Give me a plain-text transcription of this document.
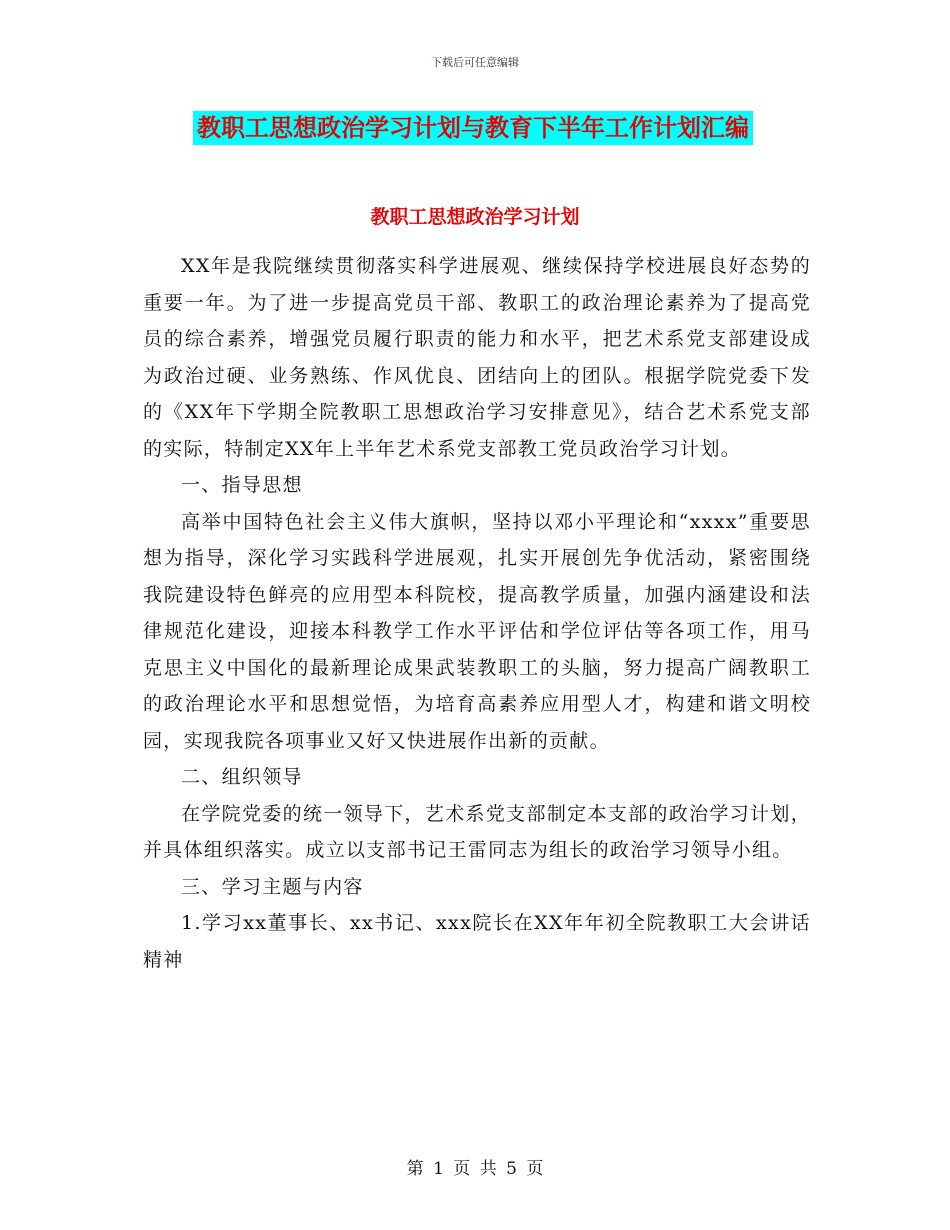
下载后可任意编辑
教职工思想政治学习计划与教育下半年工作计划汇编
教职工思想政治学习计划

XX年是我院继续贯彻落实科学进展观、继续保持学校进展良好态势的重要一年。为了进一步提高党员干部、教职工的政治理论素养为了提高党员的综合素养，增强党员履行职责的能力和水平，把艺术系党支部建设成为政治过硬、业务熟练、作风优良、团结向上的团队。根据学院党委下发的《XX年下学期全院教职工思想政治学习安排意见》，结合艺术系党支部的实际，特制定XX年上半年艺术系党支部教工党员政治学习计划。

一、指导思想

高举中国特色社会主义伟大旗帜，坚持以邓小平理论和“xxxx”重要思想为指导，深化学习实践科学进展观，扎实开展创先争优活动，紧密围绕我院建设特色鲜亮的应用型本科院校，提高教学质量，加强内涵建设和法律规范化建设，迎接本科教学工作水平评估和学位评估等各项工作，用马克思主义中国化的最新理论成果武装教职工的头脑，努力提高广阔教职工的政治理论水平和思想觉悟，为培育高素养应用型人才，构建和谐文明校园，实现我院各项事业又好又快进展作出新的贡献。

二、组织领导

在学院党委的统一领导下，艺术系党支部制定本支部的政治学习计划，并具体组织落实。成立以支部书记王雷同志为组长的政治学习领导小组。

三、学习主题与内容

1.学习xx董事长、xx书记、xxx院长在XX年年初全院教职工大会讲话精神

第 1 页 共 5 页
